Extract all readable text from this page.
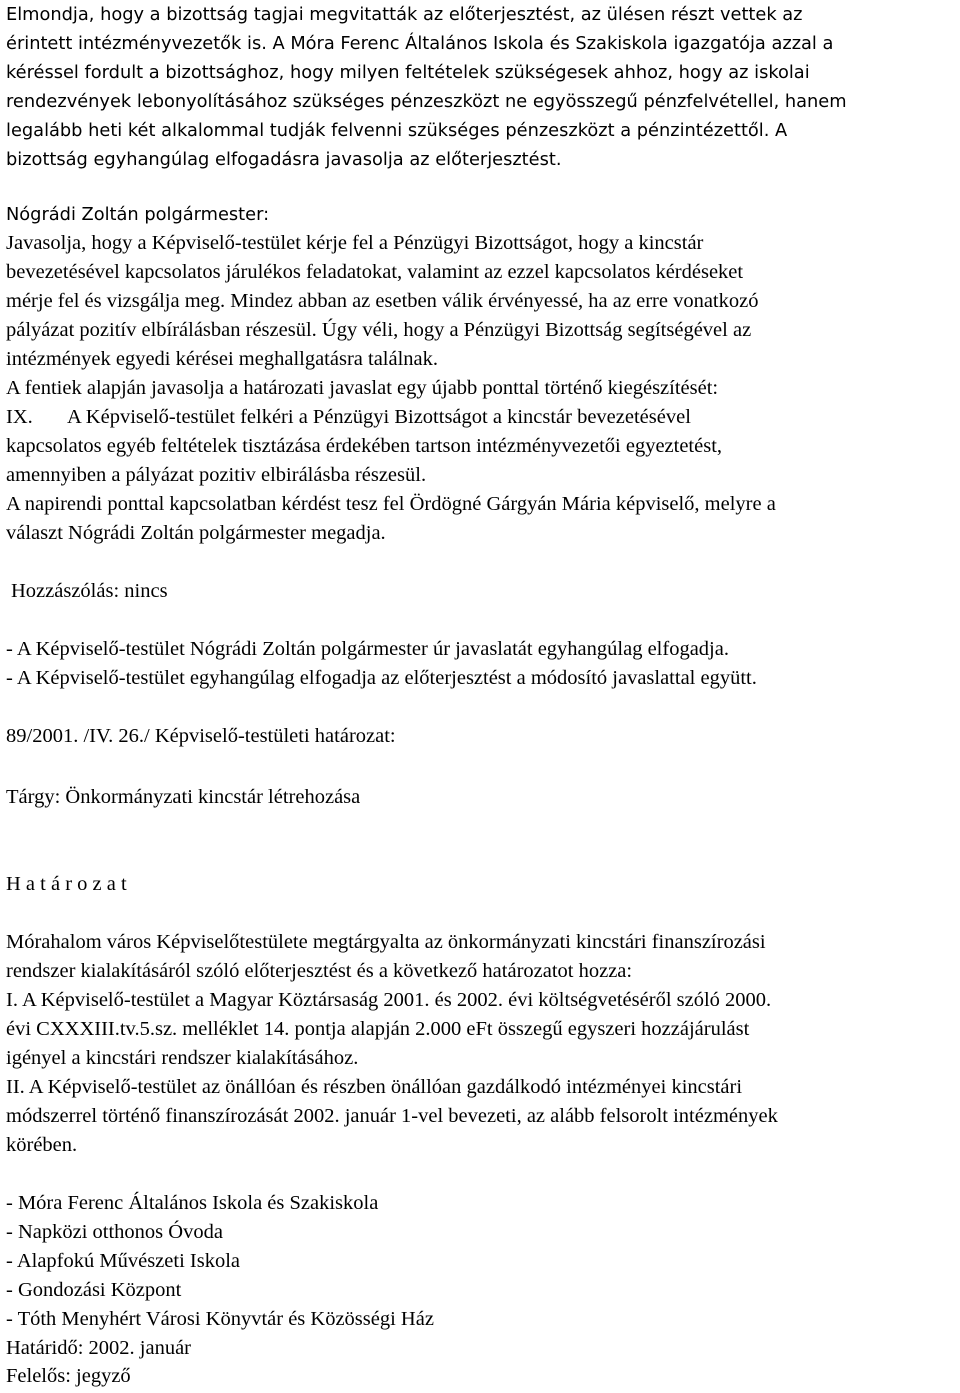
Elmondja, hogy a bizottság tagjai megvitatták az előterjesztést, az ülésen részt vettek az

érintett intézményvezetők is. A Móra Ferenc Általános Iskola és Szakiskola igazgatója azzal a

kéréssel fordult a bizottsághoz, hogy milyen feltételek szükségesek ahhoz, hogy az iskolai

rendezvények lebonyolításához szükséges pénzeszközt ne egyösszegű pénzfelvétellel, hanem

legalább heti két alkalommal tudják felvenni szükséges pénzeszközt a pénzintézettől. A

bizottság egyhangúlag elfogadásra javasolja az előterjesztést.

Nógrádi Zoltán polgármester:

Javasolja, hogy a Képviselő-testület kérje fel a Pénzügyi Bizottságot, hogy a kincstár

bevezetésével kapcsolatos járulékos feladatokat, valamint az ezzel kapcsolatos kérdéseket

mérje fel és vizsgálja meg. Mindez abban az esetben válik érvényessé, ha az erre vonatkozó

pályázat pozitív elbírálásban részesül. Úgy véli, hogy a Pénzügyi Bizottság segítségével az

intézmények egyedi kérései meghallgatásra találnak.

A fentiek alapján javasolja a határozati javaslat egy újabb ponttal történő kiegészítését:

IX. A Képviselő-testület felkéri a Pénzügyi Bizottságot a kincstár bevezetésével

kapcsolatos egyéb feltételek tisztázása érdekében tartson intézményvezetői egyeztetést,

amennyiben a pályázat pozitiv elbirálásba részesül.

A napirendi ponttal kapcsolatban kérdést tesz fel Ördögné Gárgyán Mária képviselő, melyre a

választ Nógrádi Zoltán polgármester megadja.

Hozzászólás: nincs

- A Képviselő-testület Nógrádi Zoltán polgármester úr javaslatát egyhangúlag elfogadja.

- A Képviselő-testület egyhangúlag elfogadja az előterjesztést a módosító javaslattal együtt.

89/2001. /IV. 26./ Képviselő-testületi határozat:

Tárgy: Önkormányzati kincstár létrehozása

H a t á r o z a t

Mórahalom város Képviselőtestülete megtárgyalta az önkormányzati kincstári finanszírozási

rendszer kialakításáról szóló előterjesztést és a következő határozatot hozza:

I. A Képviselő-testület a Magyar Köztársaság 2001. és 2002. évi költségvetéséről szóló 2000.

évi CXXXIII.tv.5.sz. melléklet 14. pontja alapján 2.000 eFt összegű egyszeri hozzájárulást

igényel a kincstári rendszer kialakításához.

II. A Képviselő-testület az önállóan és részben önállóan gazdálkodó intézményei kincstári

módszerrel történő finanszírozását 2002. január 1-vel bevezeti, az alább felsorolt intézmények

körében.

- Móra Ferenc Általános Iskola és Szakiskola

- Napközi otthonos Óvoda

- Alapfokú Művészeti Iskola

- Gondozási Központ

- Tóth Menyhért Városi Könyvtár és Közösségi Ház

Határidő: 2002. január

Felelős: jegyző
